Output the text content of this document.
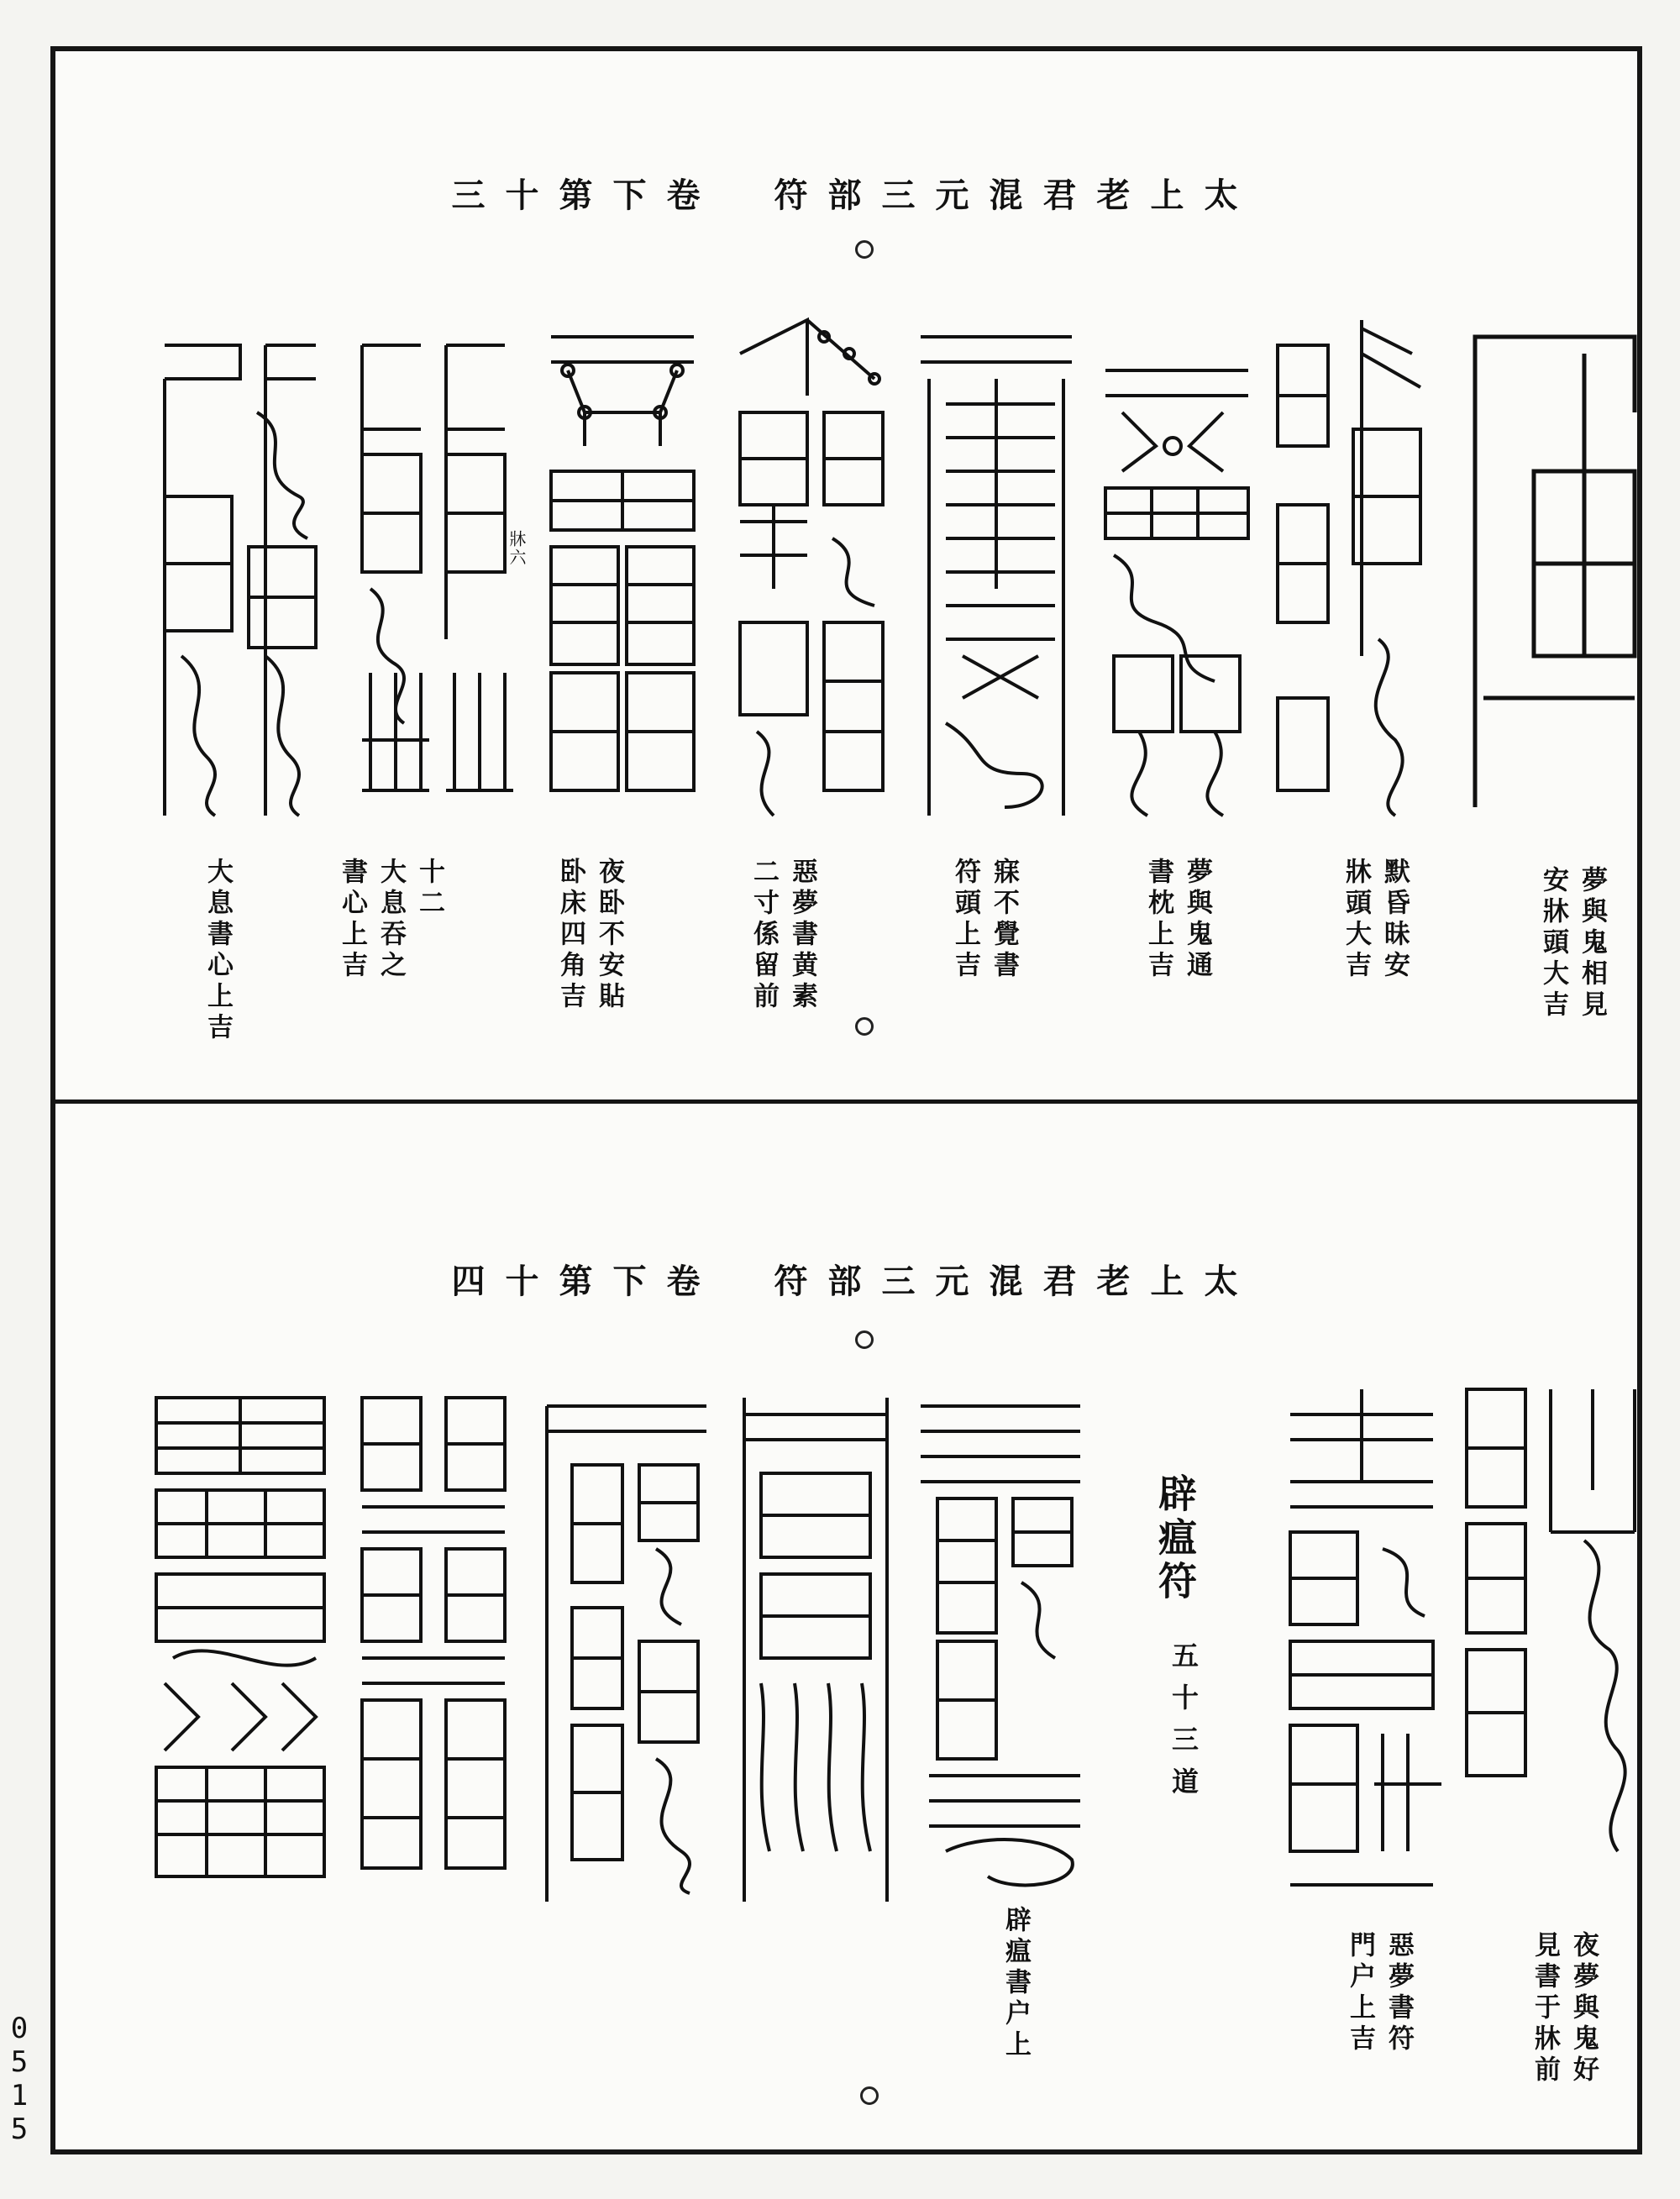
太
上
老
君
混
元
三
部
符
卷
下
第
十
三
夢與鬼相見
安牀頭大吉
默昏昧安
牀頭大吉
夢與鬼通
書枕上吉
寐不覺書
符頭上吉
惡夢書黄素
二寸係留前
夜卧不安貼
卧床四角吉
牀六
十二
大息吞之
書心上吉
大息書心上吉
太
上
老
君
混
元
三
部
符
卷
下
第
十
四
辟瘟符
五十三道
夜夢與鬼好
見書于牀前
惡夢書符
門户上吉
辟瘟書户上
0515
